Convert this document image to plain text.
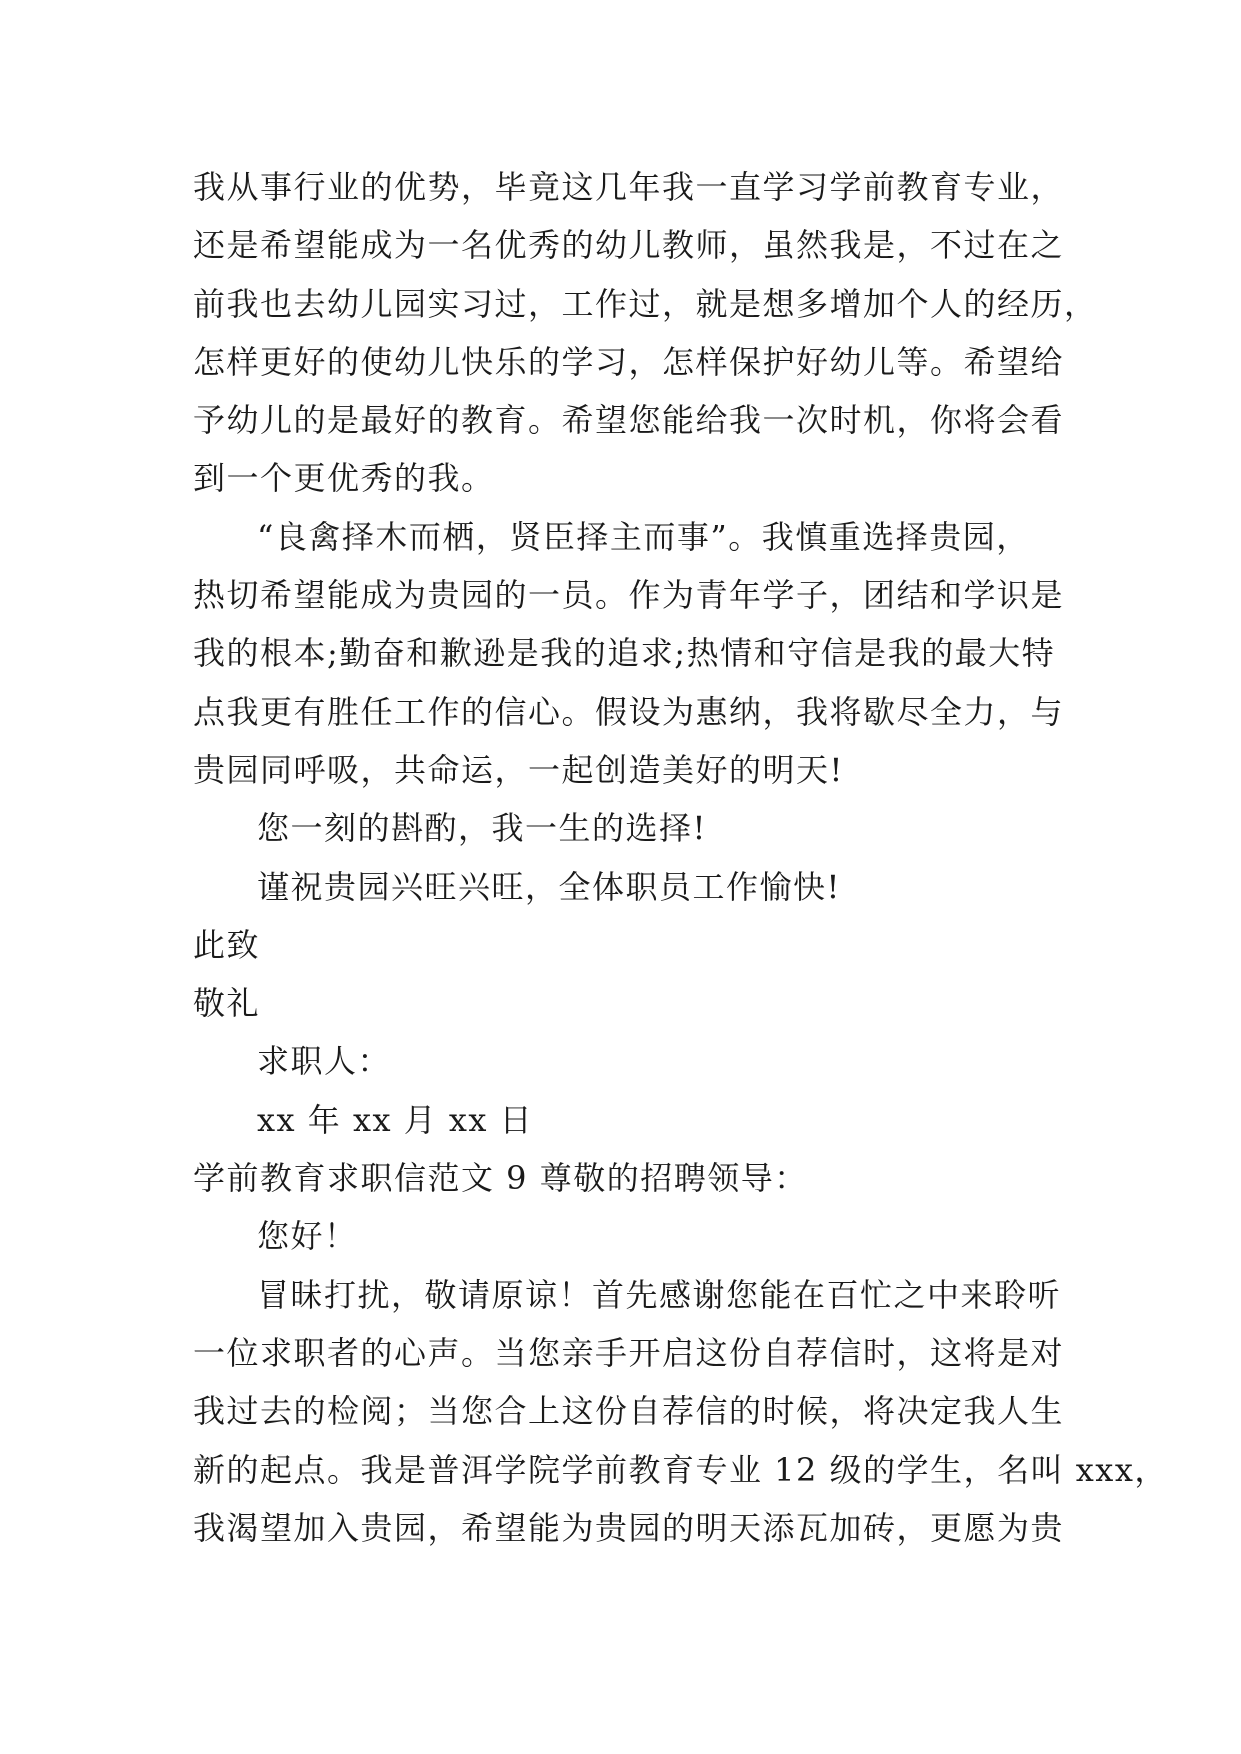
我从事行业的优势，毕竟这几年我一直学习学前教育专业，
还是希望能成为一名优秀的幼儿教师，虽然我是，不过在之
前我也去幼儿园实习过，工作过，就是想多增加个人的经历，
怎样更好的使幼儿快乐的学习，怎样保护好幼儿等。希望给
予幼儿的是最好的教育。希望您能给我一次时机，你将会看
到一个更优秀的我。
“良禽择木而栖，贤臣择主而事”。我慎重选择贵园，
热切希望能成为贵园的一员。作为青年学子，团结和学识是
我的根本;勤奋和歉逊是我的追求;热情和守信是我的最大特
点我更有胜任工作的信心。假设为惠纳，我将歇尽全力，与
贵园同呼吸，共命运，一起创造美好的明天!
您一刻的斟酌，我一生的选择!
谨祝贵园兴旺兴旺，全体职员工作愉快!
此致
敬礼
求职人：
xx 年 xx 月 xx 日
学前教育求职信范文 9 尊敬的招聘领导：
您好！
冒昧打扰，敬请原谅！首先感谢您能在百忙之中来聆听
一位求职者的心声。当您亲手开启这份自荐信时，这将是对
我过去的检阅；当您合上这份自荐信的时候，将决定我人生
新的起点。我是普洱学院学前教育专业 12 级的学生，名叫 xxx，
我渴望加入贵园，希望能为贵园的明天添瓦加砖，更愿为贵
